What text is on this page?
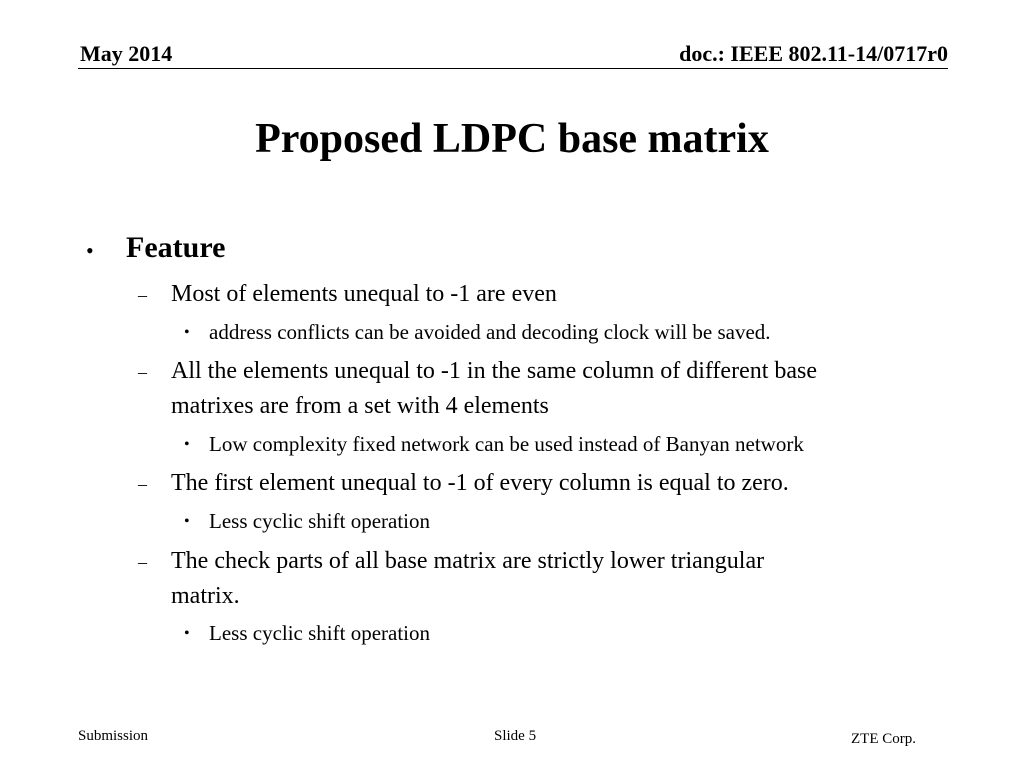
May 2014	doc.: IEEE 802.11-14/0717r0
Proposed LDPC base matrix
• Feature
– Most of elements unequal to -1 are even
• address conflicts can be avoided and decoding clock will be saved.
– All the elements unequal to -1 in the same column of different base
matrixes are from a set with 4 elements
• Low complexity fixed network can be used instead of Banyan network
– The first element unequal to -1 of every column is equal to zero.
• Less cyclic shift operation
– The check parts of all base matrix are strictly lower triangular
matrix.
• Less cyclic shift operation
Submission	Slide 5	ZTE Corp.
